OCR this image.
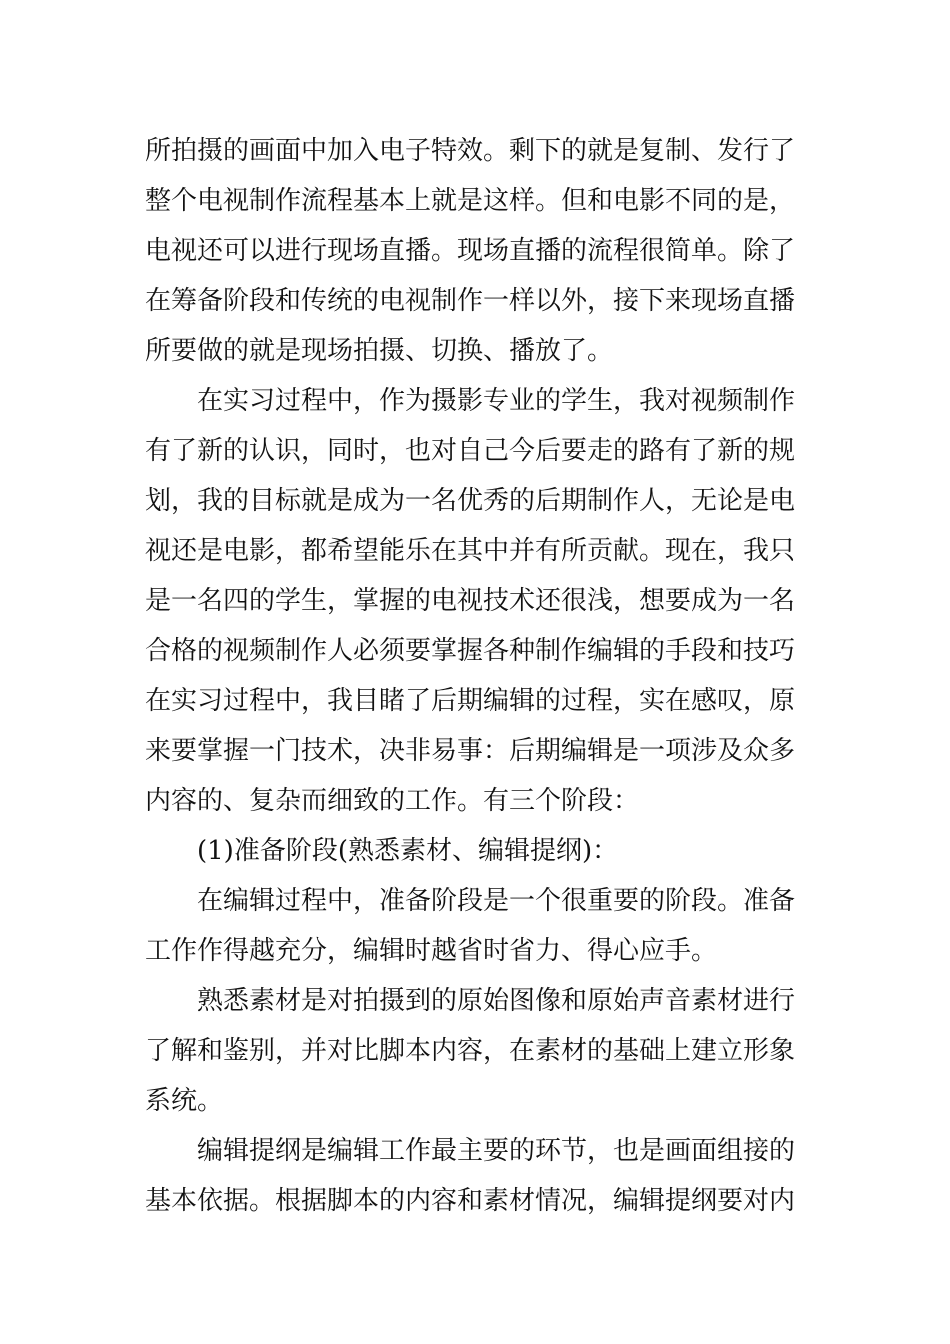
所拍摄的画面中加入电子特效。剩下的就是复制、发行了
整个电视制作流程基本上就是这样。但和电影不同的是，
电视还可以进行现场直播。现场直播的流程很简单。除了
在筹备阶段和传统的电视制作一样以外，接下来现场直播
所要做的就是现场拍摄、切换、播放了。
在实习过程中，作为摄影专业的学生，我对视频制作
有了新的认识，同时，也对自己今后要走的路有了新的规
划，我的目标就是成为一名优秀的后期制作人，无论是电
视还是电影，都希望能乐在其中并有所贡献。现在，我只
是一名四的学生，掌握的电视技术还很浅，想要成为一名
合格的视频制作人必须要掌握各种制作编辑的手段和技巧
在实习过程中，我目睹了后期编辑的过程，实在感叹，原
来要掌握一门技术，决非易事：后期编辑是一项涉及众多
内容的、复杂而细致的工作。有三个阶段：
(1)准备阶段(熟悉素材、编辑提纲)：
在编辑过程中，准备阶段是一个很重要的阶段。准备
工作作得越充分，编辑时越省时省力、得心应手。
熟悉素材是对拍摄到的原始图像和原始声音素材进行
了解和鉴别，并对比脚本内容，在素材的基础上建立形象
系统。
编辑提纲是编辑工作最主要的环节，也是画面组接的
基本依据。根据脚本的内容和素材情况，编辑提纲要对内
